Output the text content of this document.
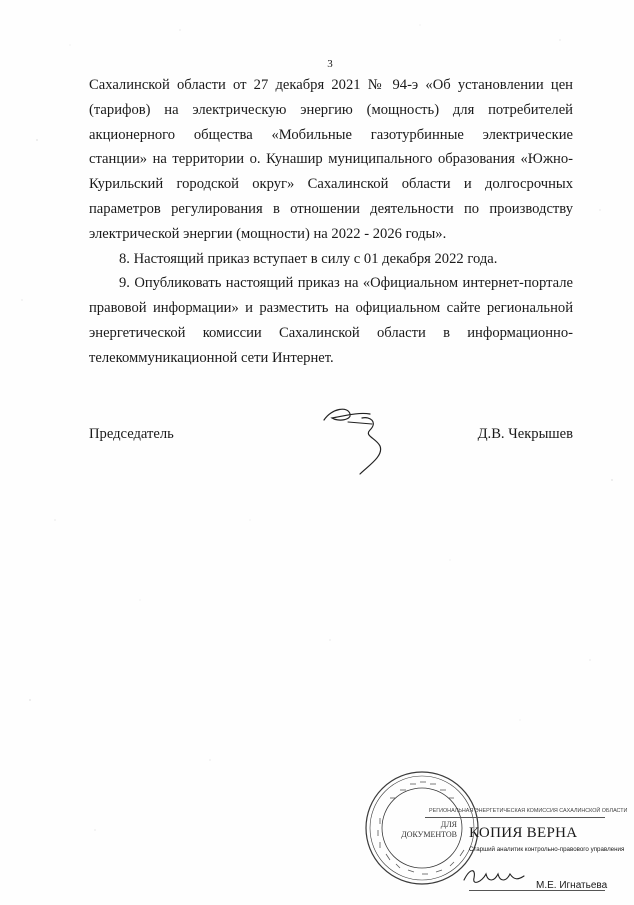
3

Сахалинской области от 27 декабря 2021 № 94-э «Об установлении цен (тарифов) на электрическую энергию (мощность) для потребителей акционерного общества «Мобильные газотурбинные электрические станции» на территории о. Кунашир муниципального образования «Южно-Курильский городской округ» Сахалинской области и долгосрочных параметров регулирования в отношении деятельности по производству электрической энергии (мощности) на 2022 - 2026 годы».

8. Настоящий приказ вступает в силу с 01 декабря 2022 года.

9. Опубликовать настоящий приказ на «Официальном интернет-портале правовой информации» и разместить на официальном сайте региональной энергетической комиссии Сахалинской области в информационно-телекоммуникационной сети Интернет.

Председатель	Д.В. Чекрышев
ДЛЯ
ДОКУМЕНТОВ
РЕГИОНАЛЬНАЯ ЭНЕРГЕТИЧЕСКАЯ КОМИССИЯ САХАЛИНСКОЙ ОБЛАСТИ
КОПИЯ ВЕРНА
Старший аналитик контрольно-правового управления
М.Е. Игнатьева
